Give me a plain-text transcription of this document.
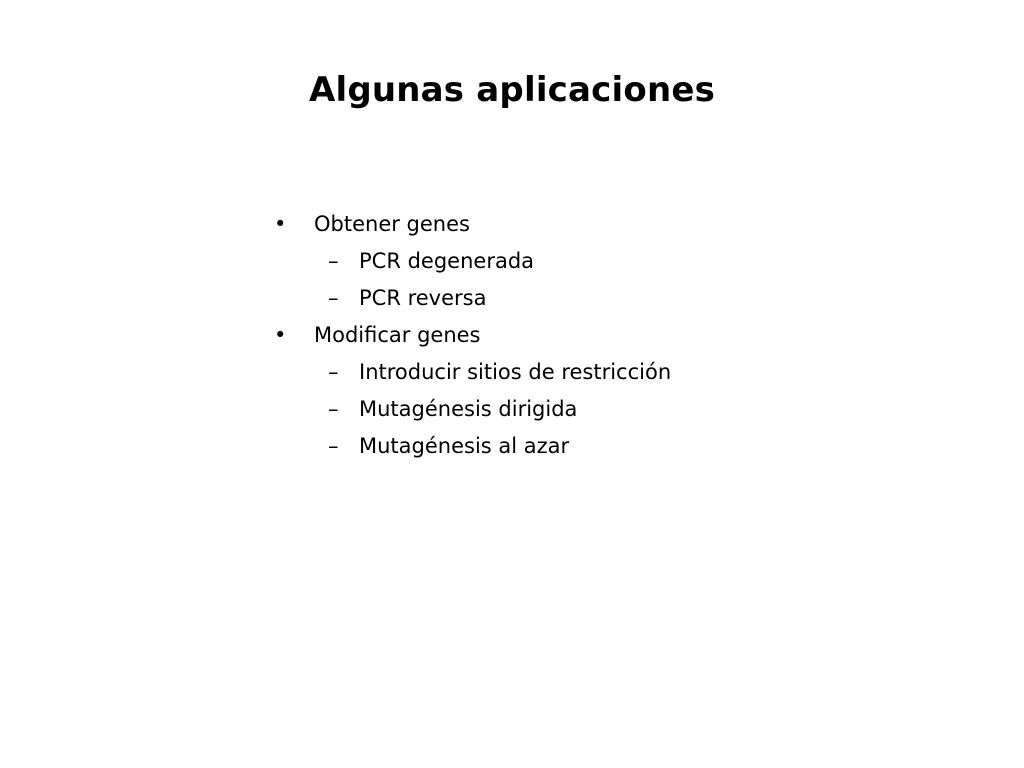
Algunas aplicaciones
• Obtener genes
– PCR degenerada
– PCR reversa
• Modificar genes
– Introducir sitios de restricción
– Mutagénesis dirigida
– Mutagénesis al azar
